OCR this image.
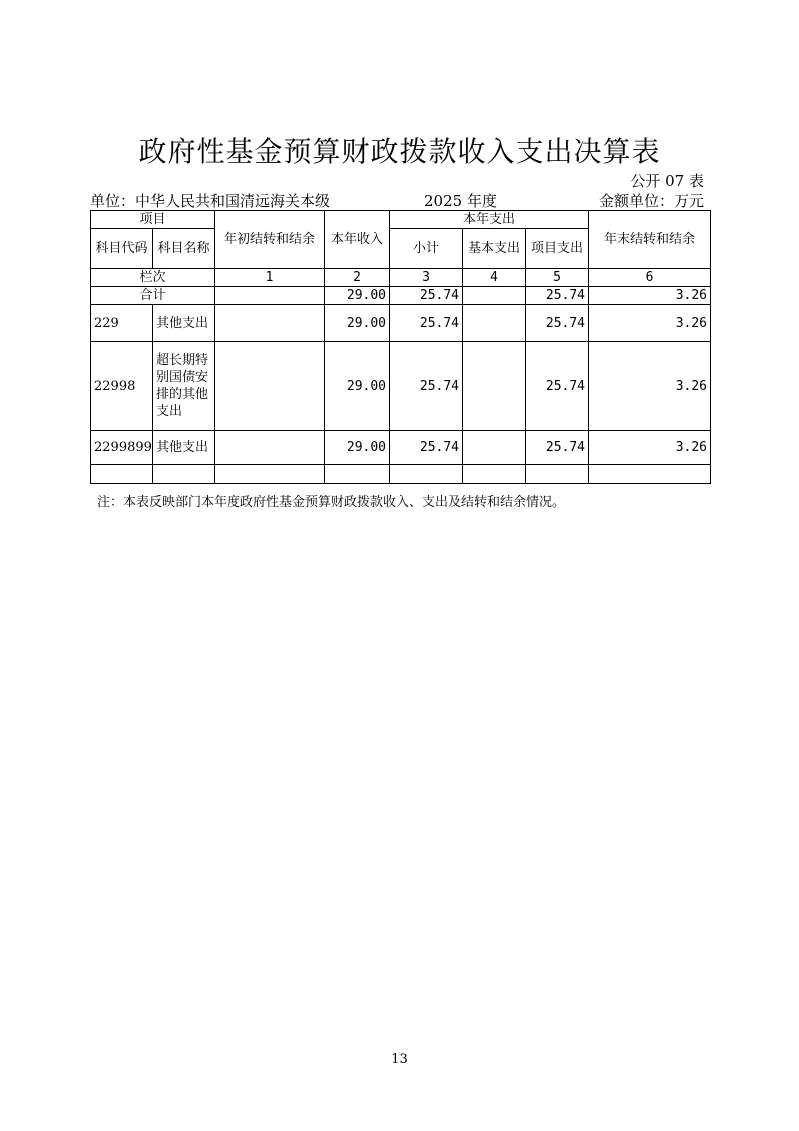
政府性基金预算财政拨款收入支出决算表
公开 07 表
单位：中华人民共和国清远海关本级	2025 年度	金额单位：万元
项目		年初结转和结余	本年收入	本年支出			年末结转和结余
科目代码	科目名称			小计	基本支出	项目支出	
栏次		1	2	3	4	5	6
合计			29.00	25.74		25.74	3.26
229	其他支出		29.00	25.74		25.74	3.26
22998	超长期特别国债安排的其他支出		29.00	25.74		25.74	3.26
2299899	其他支出		29.00	25.74		25.74	3.26

注：本表反映部门本年度政府性基金预算财政拨款收入、支出及结转和结余情况。
13
